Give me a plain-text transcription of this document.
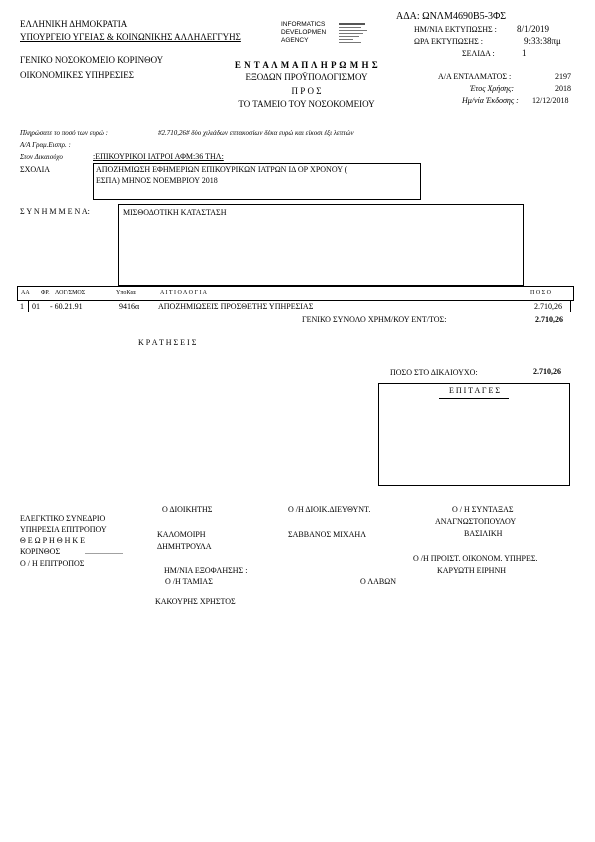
ΕΛΛΗΝΙΚΗ ΔΗΜΟΚΡΑΤΙΑ
ΥΠΟΥΡΓΕΙΟ ΥΓΕΙΑΣ & ΚΟΙΝΩΝΙΚΗΣ ΑΛΛΗΛΕΓΓΥΗΣ
ΓΕΝΙΚΟ ΝΟΣΟΚΟΜΕΙΟ ΚΟΡΙΝΘΟΥ
ΟΙΚΟΝΟΜΙΚΕΣ ΥΠΗΡΕΣΙΕΣ
INFORMATICS
DEVELOPMEN
AGENCY
Ε Ν Τ Α Λ Μ Α Π Λ Η Ρ Ω Μ Η Σ
ΕΞΟΔΩΝ ΠΡΟΫΠΟΛΟΓΙΣΜΟΥ
Π Ρ Ο Σ
ΤΟ ΤΑΜΕΙΟ ΤΟΥ ΝΟΣΟΚΟΜΕΙΟΥ
ΑΔΑ: ΩΝΛΜ4690Β5-3ΦΣ
ΗΜ/ΝΙΑ ΕΚΤΥΠΩΣΗΣ : 8/1/2019
ΩΡΑ ΕΚΤΥΠΩΣΗΣ :	9:33:38πμ
ΣΕΛΙΔΑ :	1
Α/Α ΕΝΤΑΛΜΑΤΟΣ :	2197
Έτος Χρήσης:	2018
Ημ/νία Έκδοσης : 12/12/2018
Πληρώσατε το ποσό των ευρώ :	#2.710,26# δύο χιλιάδων επτακοσίων δέκα ευρώ και είκοσι έξι λεπτών
Α/Α Γραμ.Εισπρ. :
Στον Δικαιούχο	:ΕΠΙΚΟΥΡΙΚΟΙ ΙΑΤΡΟΙ ΑΦΜ:36 ΤΗΛ:
ΣΧΟΛΙΑ	ΑΠΟΖΗΜΙΩΣΗ ΕΦΗΜΕΡΙΩΝ ΕΠΙΚΟΥΡΙΚΩΝ ΙΑΤΡΩΝ ΙΔ ΟΡ ΧΡΟΝΟΥ (
ΕΣΠΑ) ΜΗΝΟΣ ΝΟΕΜΒΡΙΟΥ 2018
Σ Υ Ν Η Μ Μ Ε Ν Α:	ΜΙΣΘΟΔΟΤΙΚΗ ΚΑΤΑΣΤΑΣΗ
ΑΑ ΦΡ. ΛΟΓ/ΣΜΟΣ	ΥποΚαε	Α Ι Τ Ι Ο Λ Ο Γ Ι Α	Π Ο Σ Ο
1 01 - 60.21.91	9416α ΑΠΟΖΗΜΙΩΣΕΙΣ ΠΡΟΣΘΕΤΗΣ ΥΠΗΡΕΣΙΑΣ	2.710,26
ΓΕΝΙΚΟ ΣΥΝΟΛΟ ΧΡΗΜ/ΚΟΥ ΕΝΤ/ΤΟΣ:	2.710,26
Κ Ρ Α Τ Η Σ Ε Ι Σ
ΠΟΣΟ ΣΤΟ ΔΙΚΑΙΟΥΧΟ:	2.710,26
Ε Π Ι Τ Α Γ Ε Σ
ΕΛΕΓΚΤΙΚΟ ΣΥΝΕΔΡΙΟ
ΥΠΗΡΕΣΙΑ ΕΠΙΤΡΟΠΟΥ
Θ Ε Ω Ρ Η Θ Η Κ Ε
ΚΟΡΙΝΘΟΣ	...................
Ο / Η ΕΠΙΤΡΟΠΟΣ
Ο ΔΙΟΙΚΗΤΗΣ
ΚΑΛΟΜΟΙΡΗ
ΔΗΜΗΤΡΟΥΛΑ
Ο /Η ΔΙΟΙΚ.ΔΙΕΥΘΥΝΤ.
ΣΑΒΒΑΝΟΣ ΜΙΧΑΗΛ
Ο / Η ΣΥΝΤΑΞΑΣ
ΑΝΑΓΝΩΣΤΟΠΟΥΛΟΥ
ΒΑΣΙΛΙΚΗ
Ο /Η ΠΡΟΙΣΤ. ΟΙΚΟΝΟΜ. ΥΠΗΡΕΣ.
ΚΑΡΥΩΤΗ ΕΙΡΗΝΗ
ΗΜ/ΝΙΑ ΕΞΟΦΛΗΣΗΣ :
Ο /Η ΤΑΜΙΑΣ	Ο ΛΑΒΩΝ
ΚΑΚΟΥΡΗΣ ΧΡΗΣΤΟΣ
